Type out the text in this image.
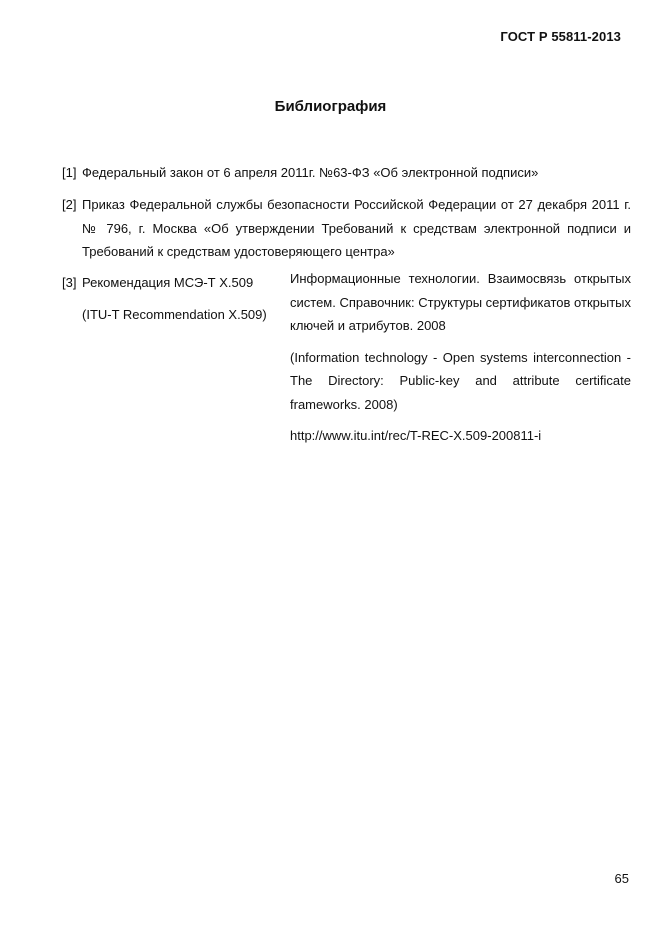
ГОСТ Р 55811-2013
Библиография
[1] Федеральный закон от 6 апреля 2011г. №63-ФЗ «Об электронной подписи»
[2] Приказ Федеральной службы безопасности Российской Федерации от 27 декабря 2011 г. № 796, г. Москва «Об утверждении Требований к средствам электронной подписи и Требований к средствам удостоверяющего центра»
[3] Рекомендация МСЭ-Т Х.509
(ITU-T Recommendation X.509)

Информационные технологии. Взаимосвязь открытых систем. Справочник: Структуры сертификатов открытых ключей и атрибутов. 2008

(Information technology - Open systems interconnection - The Directory: Public-key and attribute certificate frameworks. 2008)

http://www.itu.int/rec/T-REC-X.509-200811-i

65
